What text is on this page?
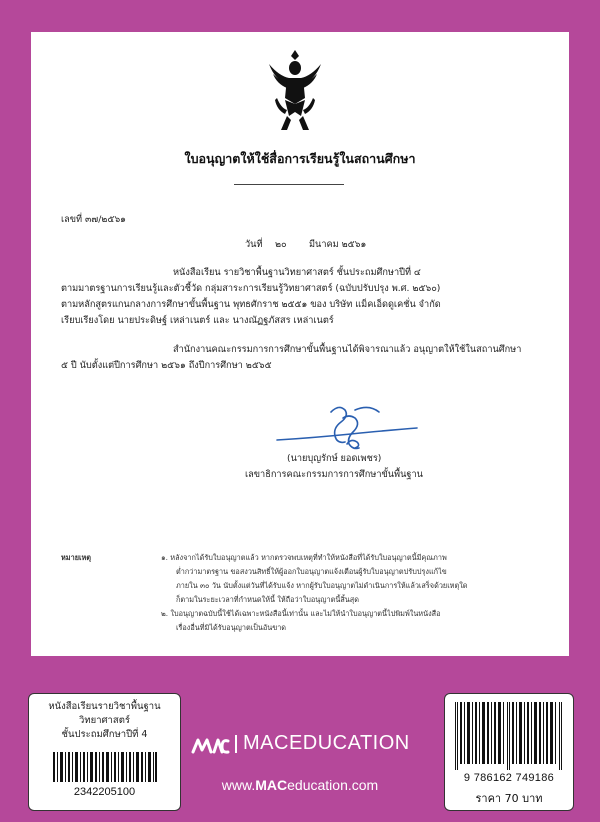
ใบอนุญาตให้ใช้สื่อการเรียนรู้ในสถานศึกษา
เลขที่ ๓๗/๒๕๖๑
วันที่ ๒๐ มีนาคม ๒๕๖๑
หนังสือเรียน รายวิชาพื้นฐานวิทยาศาสตร์ ชั้นประถมศึกษาปีที่ ๔
ตามมาตรฐานการเรียนรู้และตัวชี้วัด กลุ่มสาระการเรียนรู้วิทยาศาสตร์ (ฉบับปรับปรุง พ.ศ. ๒๕๖๐)
ตามหลักสูตรแกนกลางการศึกษาขั้นพื้นฐาน พุทธศักราช ๒๕๕๑ ของ บริษัท แม็คเอ็ดดูเคชั่น จำกัด
เรียบเรียงโดย นายประดิษฐ์ เหล่าเนตร์ และ นางณัฏฐภัสสร เหล่าเนตร์
สำนักงานคณะกรรมการการศึกษาขั้นพื้นฐานได้พิจารณาแล้ว อนุญาตให้ใช้ในสถานศึกษา
๕ ปี นับตั้งแต่ปีการศึกษา ๒๕๖๑ ถึงปีการศึกษา ๒๕๖๕
(นายบุญรักษ์ ยอดเพชร)
เลขาธิการคณะกรรมการการศึกษาขั้นพื้นฐาน
หมายเหตุ	๑. หลังจากได้รับใบอนุญาตแล้ว หากตรวจพบเหตุที่ทำให้หนังสือที่ได้รับใบอนุญาตนี้มีคุณภาพ
ต่ำกว่ามาตรฐาน ขอสงวนสิทธิ์ให้ผู้ออกใบอนุญาตแจ้งเตือนผู้รับใบอนุญาตปรับปรุงแก้ไข
ภายใน ๓๐ วัน นับตั้งแต่วันที่ได้รับแจ้ง หากผู้รับใบอนุญาตไม่ดำเนินการให้แล้วเสร็จด้วยเหตุใด
ก็ตามในระยะเวลาที่กำหนดให้นี้ ให้ถือว่าใบอนุญาตนี้สิ้นสุด
๒. ใบอนุญาตฉบับนี้ใช้ได้เฉพาะหนังสือนี้เท่านั้น และไม่ให้นำใบอนุญาตนี้ไปพิมพ์ในหนังสือ
เรื่องอื่นที่มิได้รับอนุญาตเป็นอันขาด
หนังสือเรียนรายวิชาพื้นฐาน
วิทยาศาสตร์
ชั้นประถมศึกษาปีที่ 4
2342205100
MACEDUCATION
www.MACeducation.com	9 786162 749186
ราคา 70 บาท
